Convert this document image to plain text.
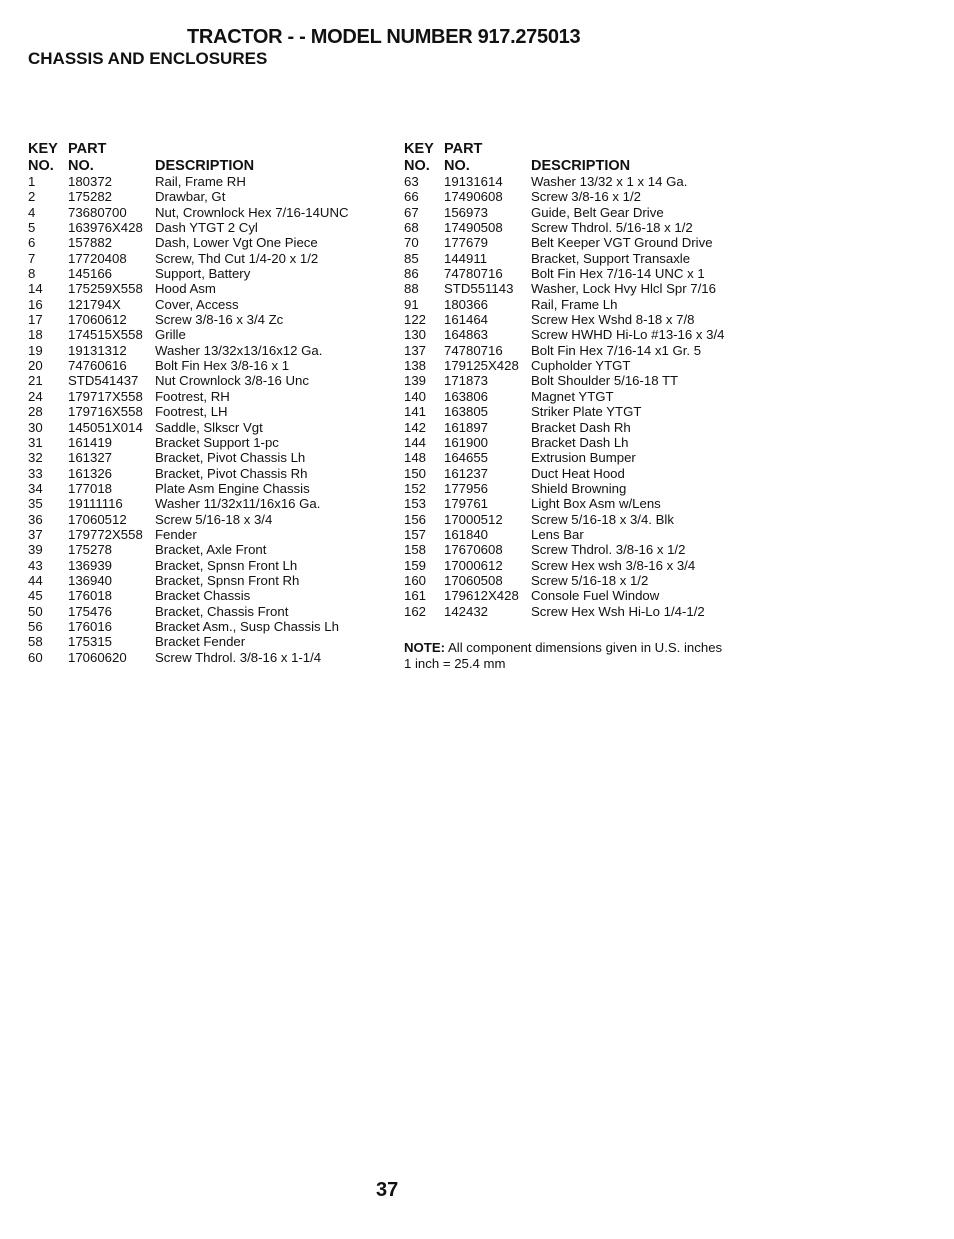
TRACTOR - - MODEL NUMBER 917.275013
CHASSIS AND ENCLOSURES
KEY PART
NO. NO.	DESCRIPTION
1 180372	Rail, Frame RH
2 175282	Drawbar, Gt
4 73680700 Nut, Crownlock Hex 7/16-14UNC
5 163976X428 Dash YTGT 2 Cyl
6 157882	Dash, Lower Vgt One Piece
7 17720408 Screw, Thd Cut 1/4-20 x 1/2
8 145166	Support, Battery
14 175259X558 Hood Asm
16 121794X	Cover, Access
17 17060612 Screw 3/8-16 x 3/4 Zc
18 174515X558 Grille
19 19131312 Washer 13/32x13/16x12 Ga.
20 74760616 Bolt Fin Hex 3/8-16 x 1
21 STD541437 Nut Crownlock 3/8-16 Unc
24 179717X558 Footrest, RH
28 179716X558 Footrest, LH
30 145051X014 Saddle, Slkscr Vgt
31 161419	Bracket Support 1-pc
32 161327	Bracket, Pivot Chassis Lh
33 161326	Bracket, Pivot Chassis Rh
34 177018	Plate Asm Engine Chassis
35 19111116 Washer 11/32x11/16x16 Ga.
36 17060512 Screw 5/16-18 x 3/4
37 179772X558 Fender
39 175278	Bracket, Axle Front
43 136939	Bracket, Spnsn Front Lh
44 136940	Bracket, Spnsn Front Rh
45 176018	Bracket Chassis
50 175476	Bracket, Chassis Front
56 176016	Bracket Asm., Susp Chassis Lh
58 175315	Bracket Fender
60 17060620 Screw Thdrol. 3/8-16 x 1-1/4
KEY PART
NO. NO.	DESCRIPTION
63 19131614 Washer 13/32 x 1 x 14 Ga.
66 17490608 Screw 3/8-16 x 1/2
67 156973	Guide, Belt Gear Drive
68 17490508 Screw Thdrol. 5/16-18 x 1/2
70 177679	Belt Keeper VGT Ground Drive
85 144911	Bracket, Support Transaxle
86 74780716 Bolt Fin Hex 7/16-14 UNC x 1
88 STD551143 Washer, Lock Hvy Hlcl Spr 7/16
91 180366	Rail, Frame Lh
122 161464	Screw Hex Wshd 8-18 x 7/8
130 164863	Screw HWHD Hi-Lo #13-16 x 3/4
137 74780716 Bolt Fin Hex 7/16-14 x1 Gr. 5
138 179125X428 Cupholder YTGT
139 171873	Bolt Shoulder 5/16-18 TT
140 163806	Magnet YTGT
141 163805	Striker Plate YTGT
142 161897	Bracket Dash Rh
144 161900	Bracket Dash Lh
148 164655	Extrusion Bumper
150 161237	Duct Heat Hood
152 177956	Shield Browning
153 179761	Light Box Asm w/Lens
156 17000512 Screw 5/16-18 x 3/4. Blk
157 161840	Lens Bar
158 17670608 Screw Thdrol. 3/8-16 x 1/2
159 17000612 Screw Hex wsh 3/8-16 x 3/4
160 17060508 Screw 5/16-18 x 1/2
161 179612X428 Console Fuel Window
162 142432	Screw Hex Wsh Hi-Lo 1/4-1/2
NOTE: All component dimensions given in U.S. inches
1 inch = 25.4 mm
37
